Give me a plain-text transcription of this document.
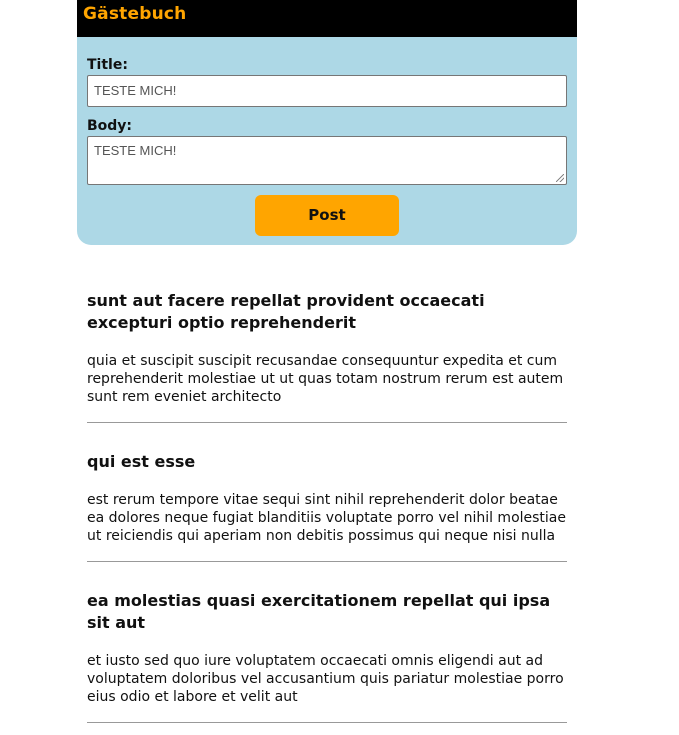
Gästebuch
Title:
TESTE MICH!
Body:
TESTE MICH!
Post
sunt aut facere repellat provident occaecati excepturi optio reprehenderit

quia et suscipit suscipit recusandae consequuntur expedita et cum reprehenderit molestiae ut ut quas totam nostrum rerum est autem sunt rem eveniet architecto

qui est esse

est rerum tempore vitae sequi sint nihil reprehenderit dolor beatae ea dolores neque fugiat blanditiis voluptate porro vel nihil molestiae ut reiciendis qui aperiam non debitis possimus qui neque nisi nulla

ea molestias quasi exercitationem repellat qui ipsa sit aut

et iusto sed quo iure voluptatem occaecati omnis eligendi aut ad voluptatem doloribus vel accusantium quis pariatur molestiae porro eius odio et labore et velit aut
